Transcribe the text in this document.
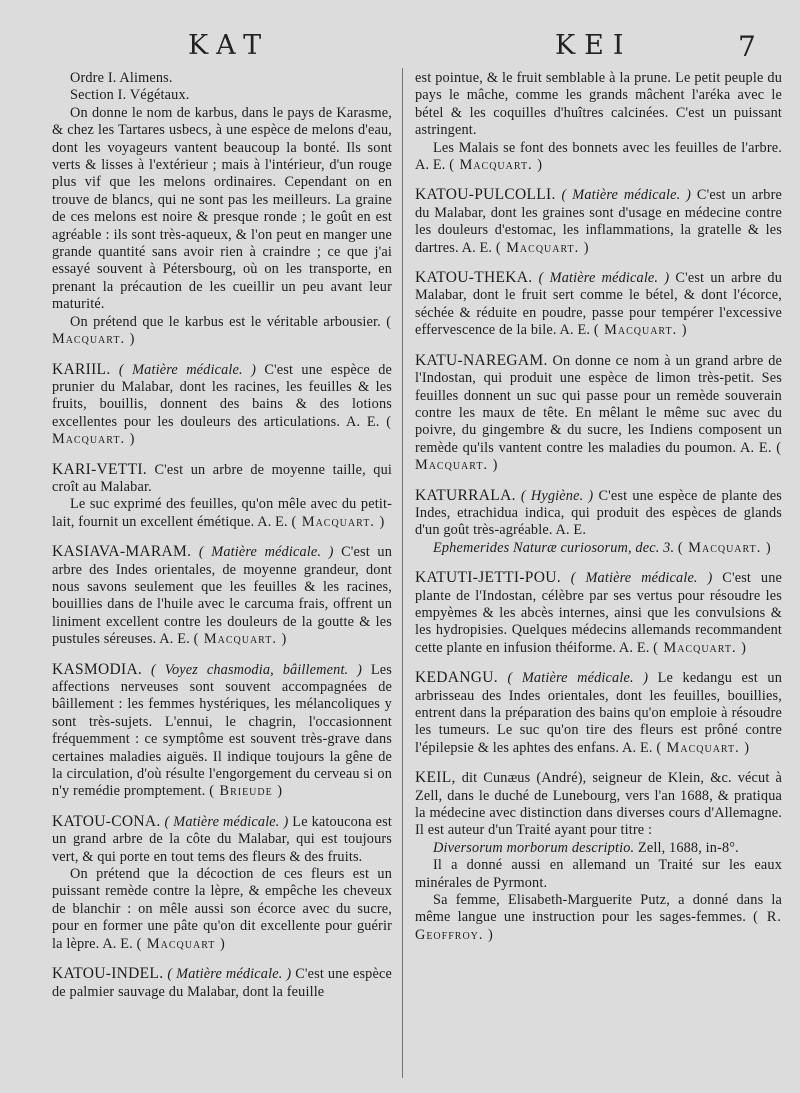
KAT	KEI	7

Ordre I. Alimens.

Section I. Végétaux.

On donne le nom de karbus, dans le pays de Karasme, & chez les Tartares usbecs, à une espèce de melons d'eau, dont les voyageurs vantent beaucoup la bonté. Ils sont verts & lisses à l'extérieur ; mais à l'intérieur, d'un rouge plus vif que les melons ordinaires. Cependant on en trouve de blancs, qui ne sont pas les meilleurs. La graine de ces melons est noire & presque ronde ; le goût en est agréable : ils sont très-aqueux, & l'on peut en manger une grande quantité sans avoir rien à craindre ; ce que j'ai essayé souvent à Pétersbourg, où on les transporte, en prenant la précaution de les cueillir un peu avant leur maturité.

On prétend que le karbus est le véritable arbousier. ( Macquart. )

KARIIL. ( Matière médicale. ) C'est une espèce de prunier du Malabar, dont les racines, les feuilles & les fruits, bouillis, donnent des bains & des lotions excellentes pour les douleurs des articulations. A. E. ( Macquart. )

KARI-VETTI. C'est un arbre de moyenne taille, qui croît au Malabar.

Le suc exprimé des feuilles, qu'on mêle avec du petit-lait, fournit un excellent émétique. A. E. ( Macquart. )

KASIAVA-MARAM. ( Matière médicale. ) C'est un arbre des Indes orientales, de moyenne grandeur, dont nous savons seulement que les feuilles & les racines, bouillies dans de l'huile avec le carcuma frais, offrent un liniment excellent contre les douleurs de la goutte & les pustules séreuses. A. E. ( Macquart. )

KASMODIA. ( Voyez chasmodia, bâillement. ) Les affections nerveuses sont souvent accompagnées de bâillement : les femmes hystériques, les mélancoliques y sont très-sujets. L'ennui, le chagrin, l'occasionnent fréquemment : ce symptôme est souvent très-grave dans certaines maladies aiguës. Il indique toujours la gêne de la circulation, d'où résulte l'engorgement du cerveau si on n'y remédie promptement. ( Brieude )

KATOU-CONA. ( Matière médicale. ) Le katoucona est un grand arbre de la côte du Malabar, qui est toujours vert, & qui porte en tout tems des fleurs & des fruits.

On prétend que la décoction de ces fleurs est un puissant remède contre la lèpre, & empêche les cheveux de blanchir : on mêle aussi son écorce avec du sucre, pour en former une pâte qu'on dit excellente pour guérir la lèpre. A. E. ( Macquart )

KATOU-INDEL. ( Matière médicale. ) C'est une espèce de palmier sauvage du Malabar, dont la feuille

est pointue, & le fruit semblable à la prune. Le petit peuple du pays le mâche, comme les grands mâchent l'aréka avec le bétel & les coquilles d'huîtres calcinées. C'est un puissant astringent.

Les Malais se font des bonnets avec les feuilles de l'arbre. A. E. ( Macquart. )

KATOU-PULCOLLI. ( Matière médicale. ) C'est un arbre du Malabar, dont les graines sont d'usage en médecine contre les douleurs d'estomac, les inflammations, la gratelle & les dartres. A. E. ( Macquart. )

KATOU-THEKA. ( Matière médicale. ) C'est un arbre du Malabar, dont le fruit sert comme le bétel, & dont l'écorce, séchée & réduite en poudre, passe pour tempérer l'excessive effervescence de la bile. A. E. ( Macquart. )

KATU-NAREGAM. On donne ce nom à un grand arbre de l'Indostan, qui produit une espèce de limon très-petit. Ses feuilles donnent un suc qui passe pour un remède souverain contre les maux de tête. En mêlant le même suc avec du poivre, du gingembre & du sucre, les Indiens composent un remède qu'ils vantent contre les maladies du poumon. A. E. ( Macquart. )

KATURRALA. ( Hygiène. ) C'est une espèce de plante des Indes, etrachidua indica, qui produit des espèces de glands d'un goût très-agréable. A. E.

Ephemerides Naturæ curiosorum, dec. 3. ( Macquart. )

KATUTI-JETTI-POU. ( Matière médicale. ) C'est une plante de l'Indostan, célèbre par ses vertus pour résoudre les empyèmes & les abcès internes, ainsi que les convulsions & les hydropisies. Quelques médecins allemands recommandent cette plante en infusion théiforme. A. E. ( Macquart. )

KEDANGU. ( Matière médicale. ) Le kedangu est un arbrisseau des Indes orientales, dont les feuilles, bouillies, entrent dans la préparation des bains qu'on emploie à résoudre les tumeurs. Le suc qu'on tire des fleurs est prôné contre l'épilepsie & les aphtes des enfans. A. E. ( Macquart. )

KEIL, dit Cunæus (André), seigneur de Klein, &c. vécut à Zell, dans le duché de Lunebourg, vers l'an 1688, & pratiqua la médecine avec distinction dans diverses cours d'Allemagne. Il est auteur d'un Traité ayant pour titre :

Diversorum morborum descriptio. Zell, 1688, in-8°.

Il a donné aussi en allemand un Traité sur les eaux minérales de Pyrmont.

Sa femme, Elisabeth-Marguerite Putz, a donné dans la même langue une instruction pour les sages-femmes. ( R. Geoffroy. )
